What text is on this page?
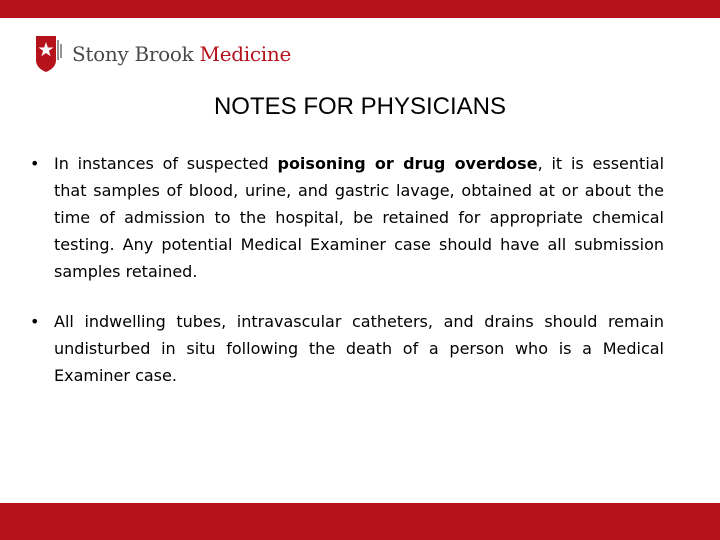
Stony Brook Medicine
NOTES FOR PHYSICIANS
• In instances of suspected poisoning or drug overdose, it is essential that samples of blood, urine, and gastric lavage, obtained at or about the time of admission to the hospital, be retained for appropriate chemical testing. Any potential Medical Examiner case should have all submission samples retained.

• All indwelling tubes, intravascular catheters, and drains should remain undisturbed in situ following the death of a person who is a Medical Examiner case.
